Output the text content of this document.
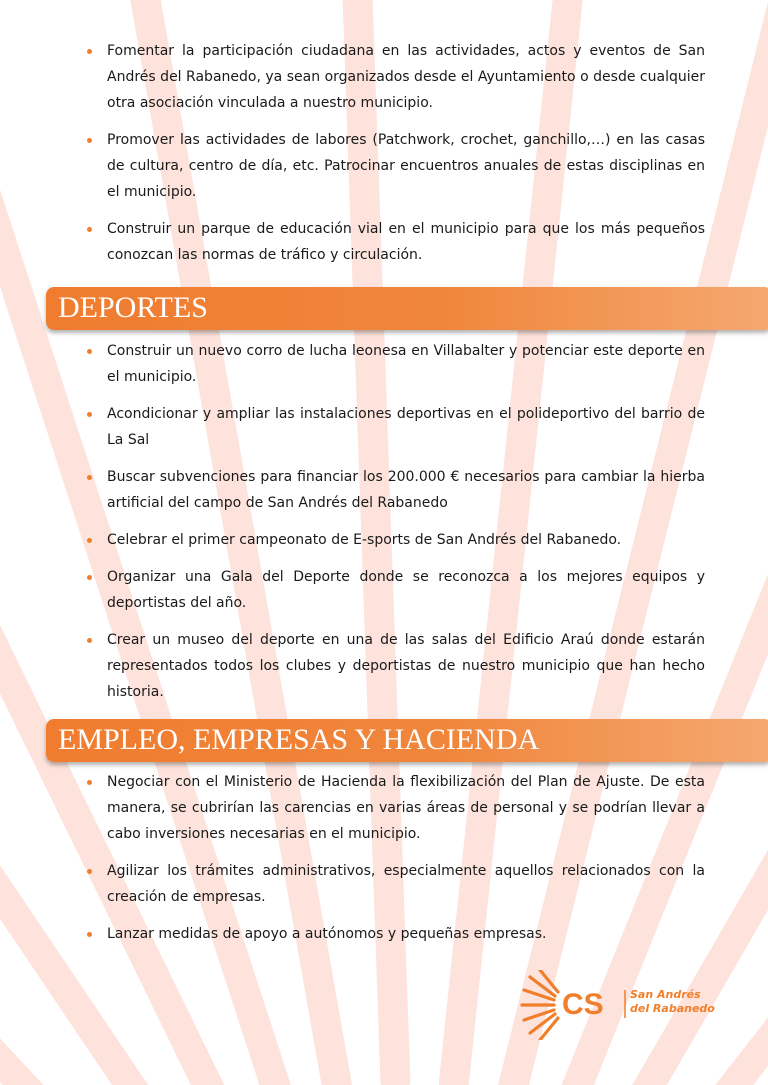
Fomentar la participación ciudadana en las actividades, actos y eventos de San Andrés del Rabanedo, ya sean organizados desde el Ayuntamiento o desde cualquier otra asociación vinculada a nuestro municipio.
Promover las actividades de labores (Patchwork, crochet, ganchillo,…) en las casas de cultura, centro de día, etc. Patrocinar encuentros anuales de estas disciplinas en el municipio.
Construir un parque de educación vial en el municipio para que los más pequeños conozcan las normas de tráfico y circulación.
DEPORTES
Construir un nuevo corro de lucha leonesa en Villabalter y potenciar este deporte en el municipio.
Acondicionar y ampliar las instalaciones deportivas en el polideportivo del barrio de La Sal
Buscar subvenciones para financiar los 200.000 € necesarios para cambiar la hierba artificial del campo de San Andrés del Rabanedo
Celebrar el primer campeonato de E-sports de San Andrés del Rabanedo.
Organizar una Gala del Deporte donde se reconozca a los mejores equipos y deportistas del año.
Crear un museo del deporte en una de las salas del Edificio Araú donde estarán representados todos los clubes y deportistas de nuestro municipio que han hecho historia.
EMPLEO, EMPRESAS Y HACIENDA
Negociar con el Ministerio de Hacienda la flexibilización del Plan de Ajuste. De esta manera, se cubrirían las carencias en varias áreas de personal y se podrían llevar a cabo inversiones necesarias en el municipio.
Agilizar los trámites administrativos, especialmente aquellos relacionados con la creación de empresas.
Lanzar medidas de apoyo a autónomos y pequeñas empresas.
CS San Andrés
del Rabanedo
